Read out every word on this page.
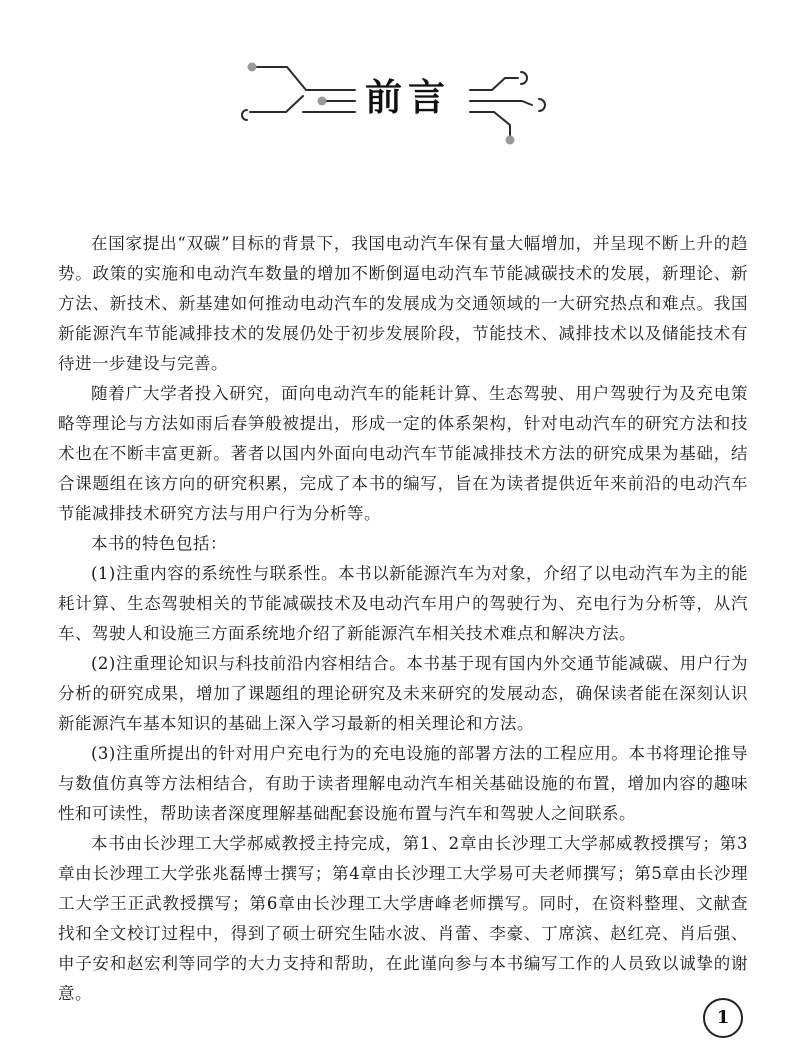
前言

在国家提出“双碳”目标的背景下，我国电动汽车保有量大幅增加，并呈现不断上升的趋势。政策的实施和电动汽车数量的增加不断倒逼电动汽车节能减碳技术的发展，新理论、新方法、新技术、新基建如何推动电动汽车的发展成为交通领域的一大研究热点和难点。我国新能源汽车节能减排技术的发展仍处于初步发展阶段，节能技术、减排技术以及储能技术有待进一步建设与完善。

随着广大学者投入研究，面向电动汽车的能耗计算、生态驾驶、用户驾驶行为及充电策略等理论与方法如雨后春笋般被提出，形成一定的体系架构，针对电动汽车的研究方法和技术也在不断丰富更新。著者以国内外面向电动汽车节能减排技术方法的研究成果为基础，结合课题组在该方向的研究积累，完成了本书的编写，旨在为读者提供近年来前沿的电动汽车节能减排技术研究方法与用户行为分析等。

本书的特色包括：

(1)注重内容的系统性与联系性。本书以新能源汽车为对象，介绍了以电动汽车为主的能耗计算、生态驾驶相关的节能减碳技术及电动汽车用户的驾驶行为、充电行为分析等，从汽车、驾驶人和设施三方面系统地介绍了新能源汽车相关技术难点和解决方法。

(2)注重理论知识与科技前沿内容相结合。本书基于现有国内外交通节能减碳、用户行为分析的研究成果，增加了课题组的理论研究及未来研究的发展动态，确保读者能在深刻认识新能源汽车基本知识的基础上深入学习最新的相关理论和方法。

(3)注重所提出的针对用户充电行为的充电设施的部署方法的工程应用。本书将理论推导与数值仿真等方法相结合，有助于读者理解电动汽车相关基础设施的布置，增加内容的趣味性和可读性，帮助读者深度理解基础配套设施布置与汽车和驾驶人之间联系。

本书由长沙理工大学郝威教授主持完成，第1、2章由长沙理工大学郝威教授撰写；第3章由长沙理工大学张兆磊博士撰写；第4章由长沙理工大学易可夫老师撰写；第5章由长沙理工大学王正武教授撰写；第6章由长沙理工大学唐峰老师撰写。同时，在资料整理、文献查找和全文校订过程中，得到了硕士研究生陆水波、肖蕾、李豪、丁席滨、赵红亮、肖后强、申子安和赵宏利等同学的大力支持和帮助，在此谨向参与本书编写工作的人员致以诚挚的谢意。

1
